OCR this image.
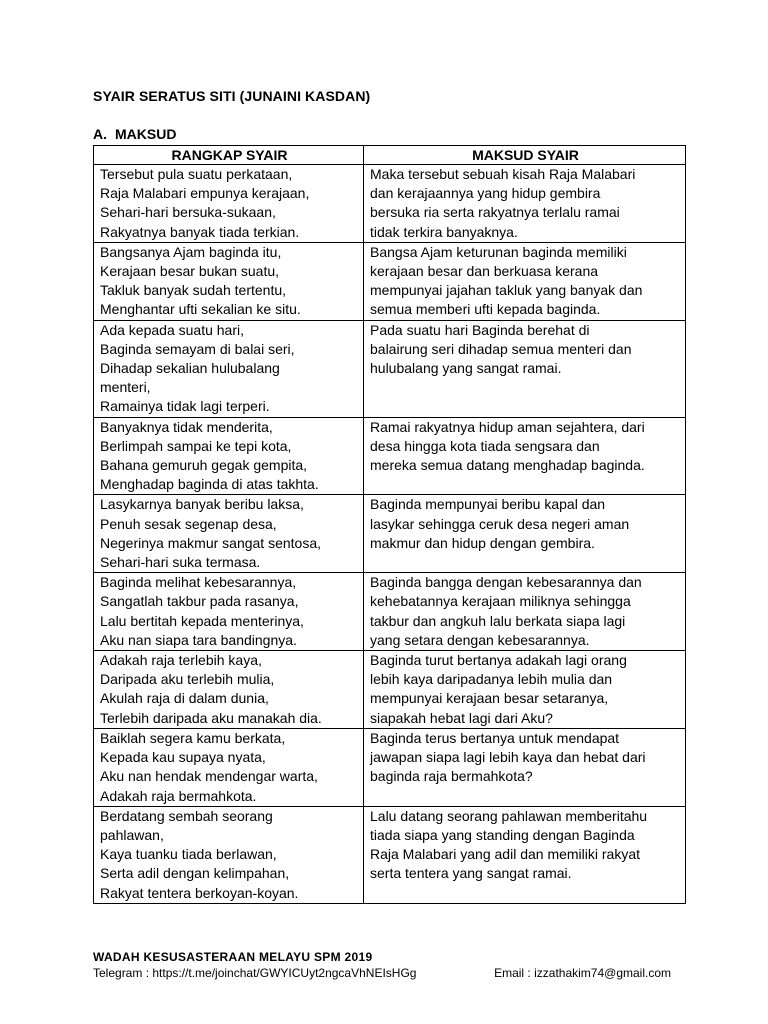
SYAIR SERATUS SITI (JUNAINI KASDAN)
A. MAKSUD
RANGKAP SYAIR	MAKSUD SYAIR

Tersebut pula suatu perkataan,
Raja Malabari empunya kerajaan,
Sehari-hari bersuka-sukaan,
Rakyatnya banyak tiada terkian.	Maka tersebut sebuah kisah Raja Malabari
dan kerajaannya yang hidup gembira
bersuka ria serta rakyatnya terlalu ramai
tidak terkira banyaknya.

Bangsanya Ajam baginda itu,
Kerajaan besar bukan suatu,
Takluk banyak sudah tertentu,
Menghantar ufti sekalian ke situ.	Bangsa Ajam keturunan baginda memiliki
kerajaan besar dan berkuasa kerana
mempunyai jajahan takluk yang banyak dan
semua memberi ufti kepada baginda.

Ada kepada suatu hari,
Baginda semayam di balai seri,
Dihadap sekalian hulubalang
menteri,
Ramainya tidak lagi terperi.	Pada suatu hari Baginda berehat di
balairung seri dihadap semua menteri dan
hulubalang yang sangat ramai.

Banyaknya tidak menderita,
Berlimpah sampai ke tepi kota,
Bahana gemuruh gegak gempita,
Menghadap baginda di atas takhta.	Ramai rakyatnya hidup aman sejahtera, dari
desa hingga kota tiada sengsara dan
mereka semua datang menghadap baginda.

Lasykarnya banyak beribu laksa,
Penuh sesak segenap desa,
Negerinya makmur sangat sentosa,
Sehari-hari suka termasa.	Baginda mempunyai beribu kapal dan
lasykar sehingga ceruk desa negeri aman
makmur dan hidup dengan gembira.

Baginda melihat kebesarannya,
Sangatlah takbur pada rasanya,
Lalu bertitah kepada menterinya,
Aku nan siapa tara bandingnya.	Baginda bangga dengan kebesarannya dan
kehebatannya kerajaan miliknya sehingga
takbur dan angkuh lalu berkata siapa lagi
yang setara dengan kebesarannya.

Adakah raja terlebih kaya,
Daripada aku terlebih mulia,
Akulah raja di dalam dunia,
Terlebih daripada aku manakah dia.	Baginda turut bertanya adakah lagi orang
lebih kaya daripadanya lebih mulia dan
mempunyai kerajaan besar setaranya,
siapakah hebat lagi dari Aku?

Baiklah segera kamu berkata,
Kepada kau supaya nyata,
Aku nan hendak mendengar warta,
Adakah raja bermahkota.	Baginda terus bertanya untuk mendapat
jawapan siapa lagi lebih kaya dan hebat dari
baginda raja bermahkota?

Berdatang sembah seorang
pahlawan,
Kaya tuanku tiada berlawan,
Serta adil dengan kelimpahan,
Rakyat tentera berkoyan-koyan.	Lalu datang seorang pahlawan memberitahu
tiada siapa yang standing dengan Baginda
Raja Malabari yang adil dan memiliki rakyat
serta tentera yang sangat ramai.
WADAH KESUSASTERAAN MELAYU SPM 2019
Telegram : https://t.me/joinchat/GWYICUyt2ngcaVhNEIsHGg	Email : izzathakim74@gmail.com
